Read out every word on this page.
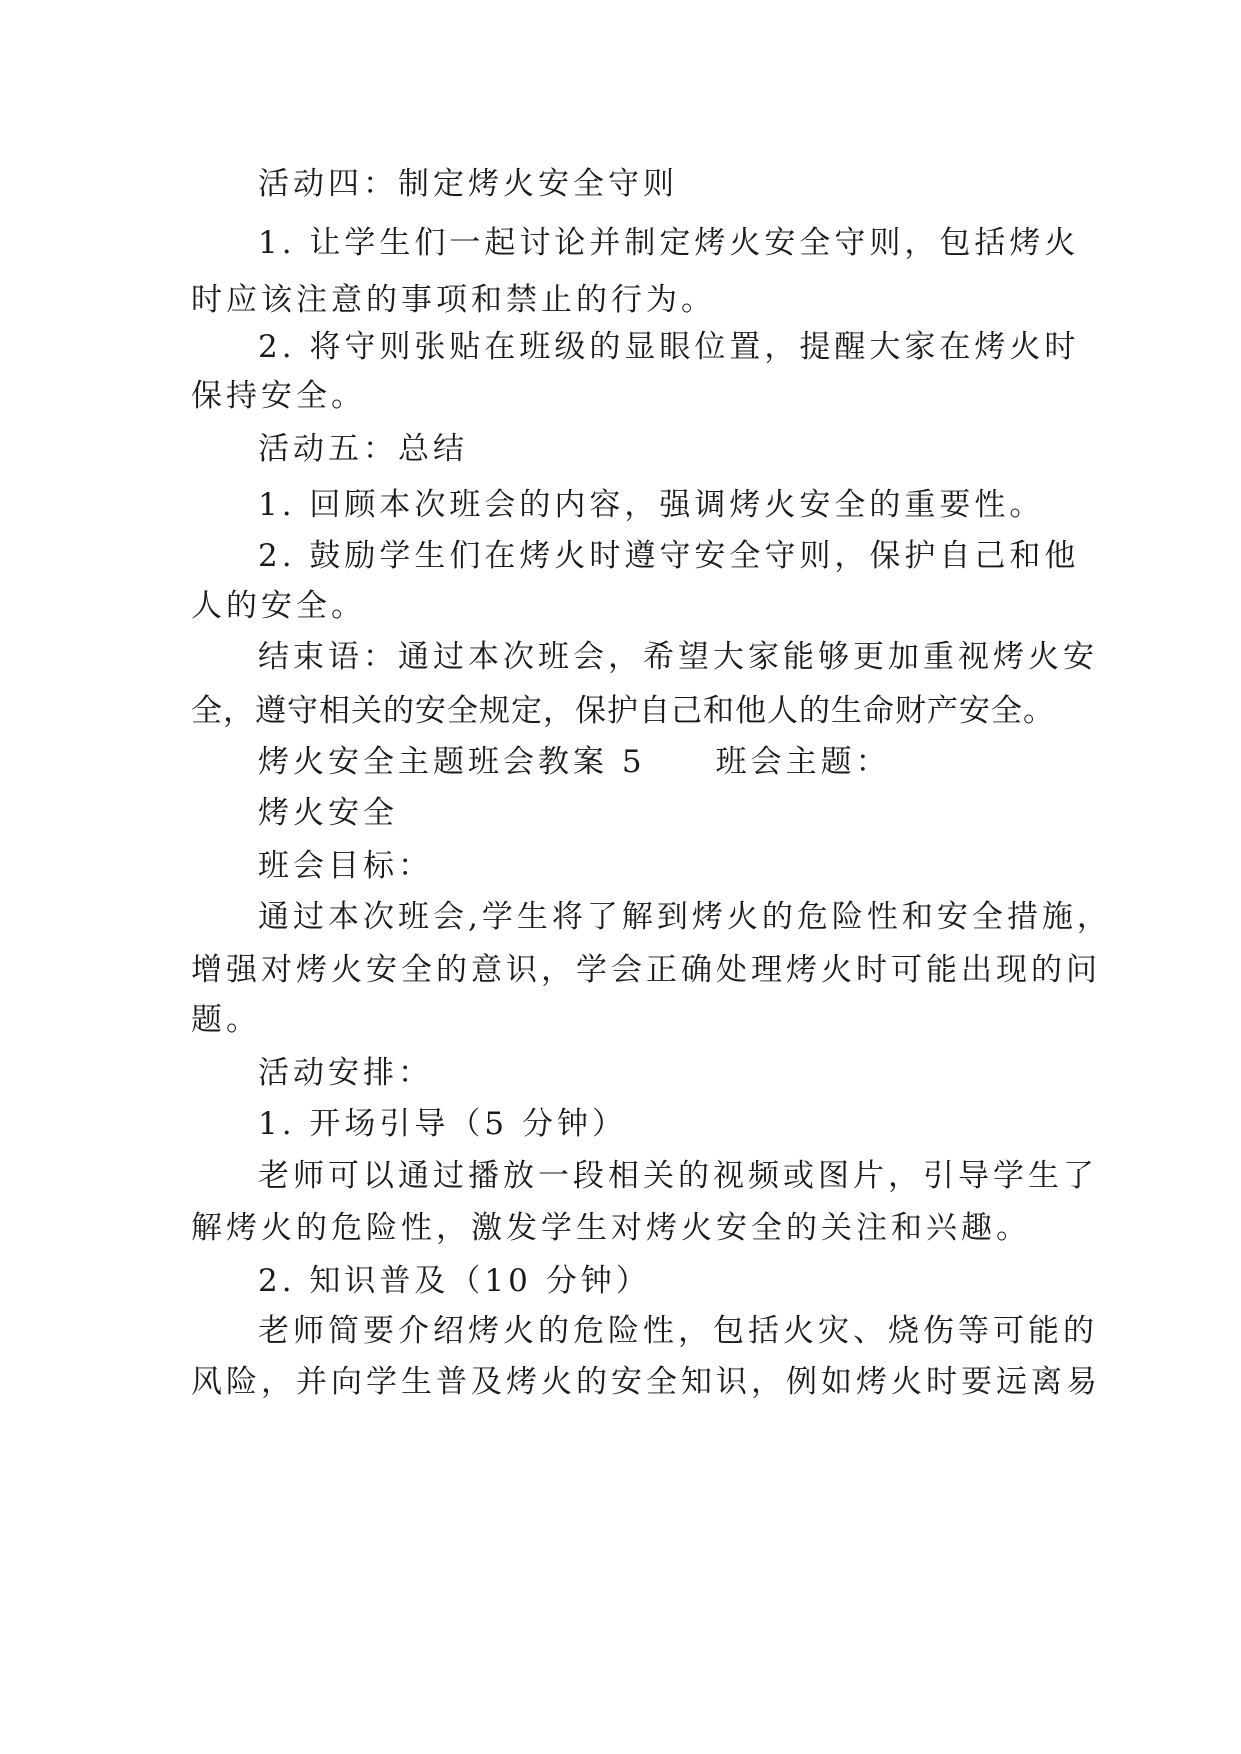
活动四：制定烤火安全守则
1. 让学生们一起讨论并制定烤火安全守则，包括烤火
时应该注意的事项和禁止的行为。
2. 将守则张贴在班级的显眼位置，提醒大家在烤火时
保持安全。
活动五：总结
1. 回顾本次班会的内容，强调烤火安全的重要性。
2. 鼓励学生们在烤火时遵守安全守则，保护自己和他
人的安全。
结束语：通过本次班会，希望大家能够更加重视烤火安
全，遵守相关的安全规定，保护自己和他人的生命财产安全。
烤火安全主题班会教案 5 班会主题：
烤火安全
班会目标：
通过本次班会,学生将了解到烤火的危险性和安全措施，
增强对烤火安全的意识，学会正确处理烤火时可能出现的问
题。
活动安排：
1. 开场引导（5 分钟）
老师可以通过播放一段相关的视频或图片，引导学生了
解烤火的危险性，激发学生对烤火安全的关注和兴趣。
2. 知识普及（10 分钟）
老师简要介绍烤火的危险性，包括火灾、烧伤等可能的
风险，并向学生普及烤火的安全知识，例如烤火时要远离易
